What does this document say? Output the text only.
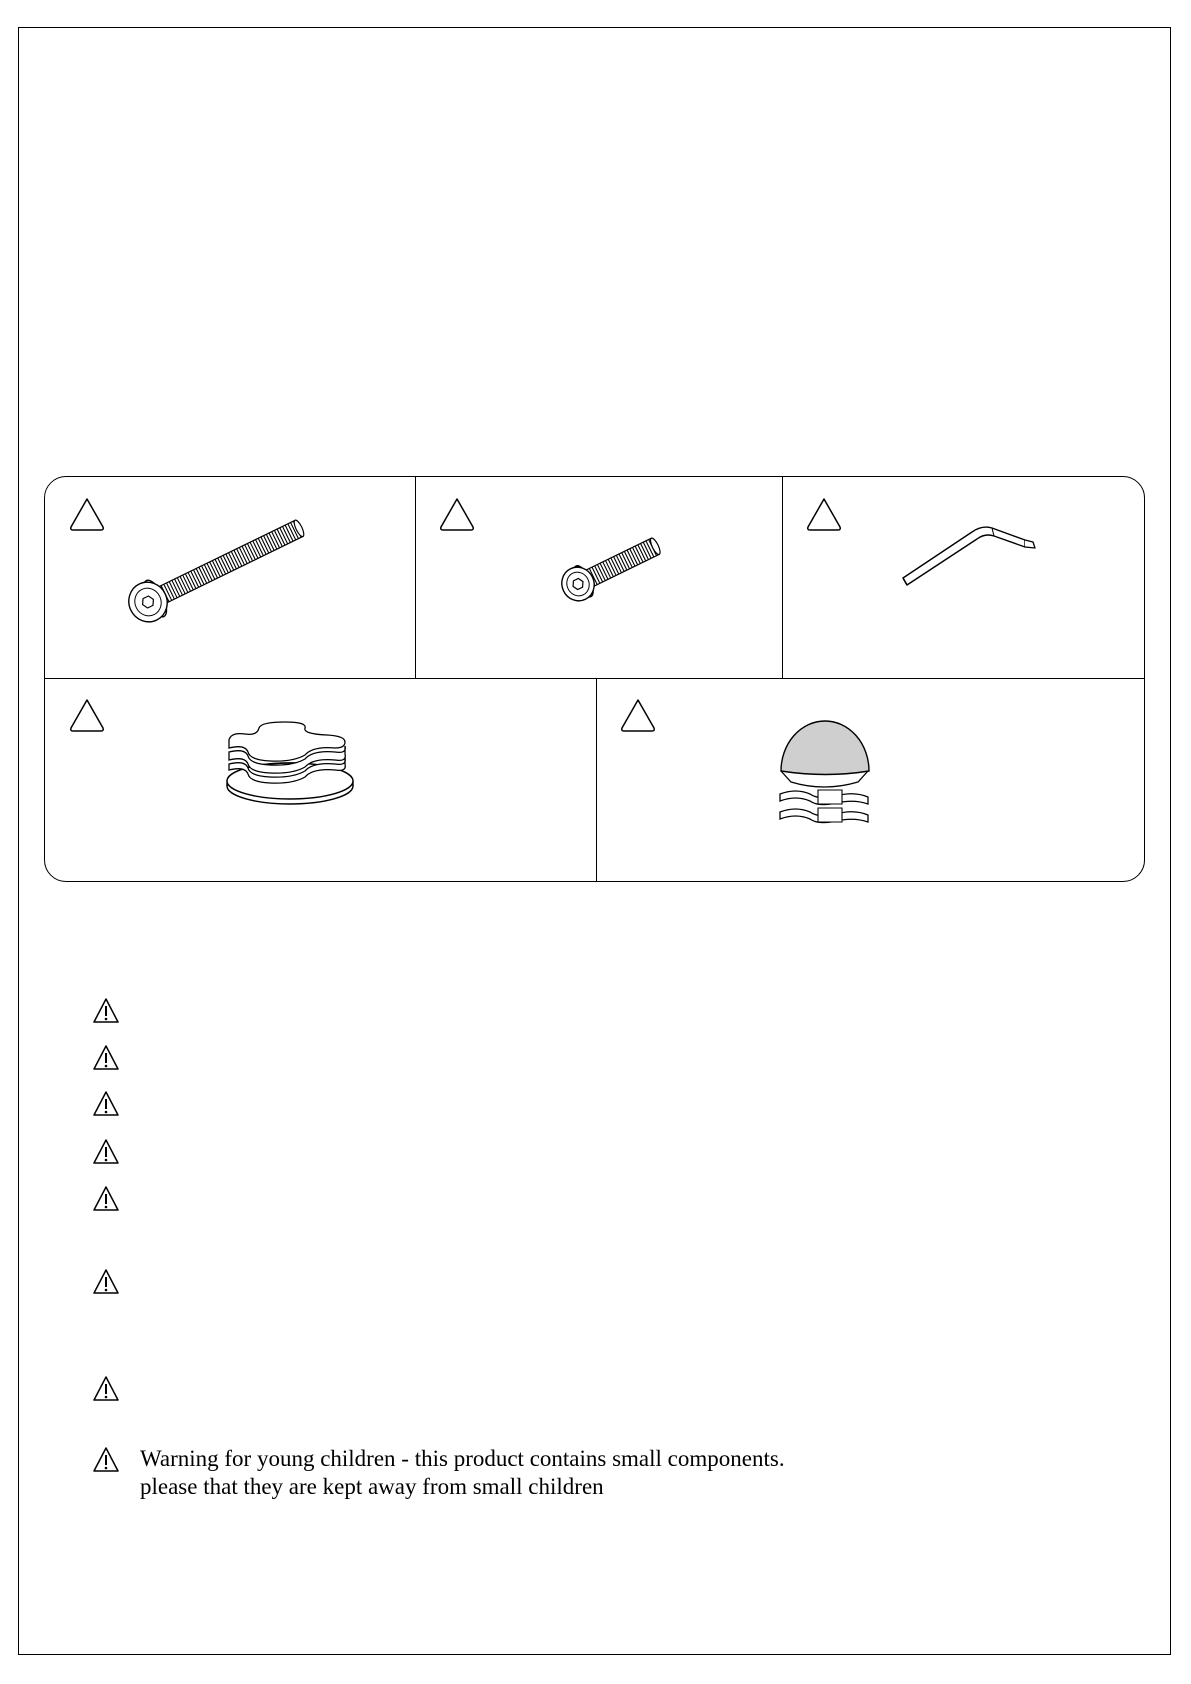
Warning for young children - this product contains small components.
please that they are kept away from small children
